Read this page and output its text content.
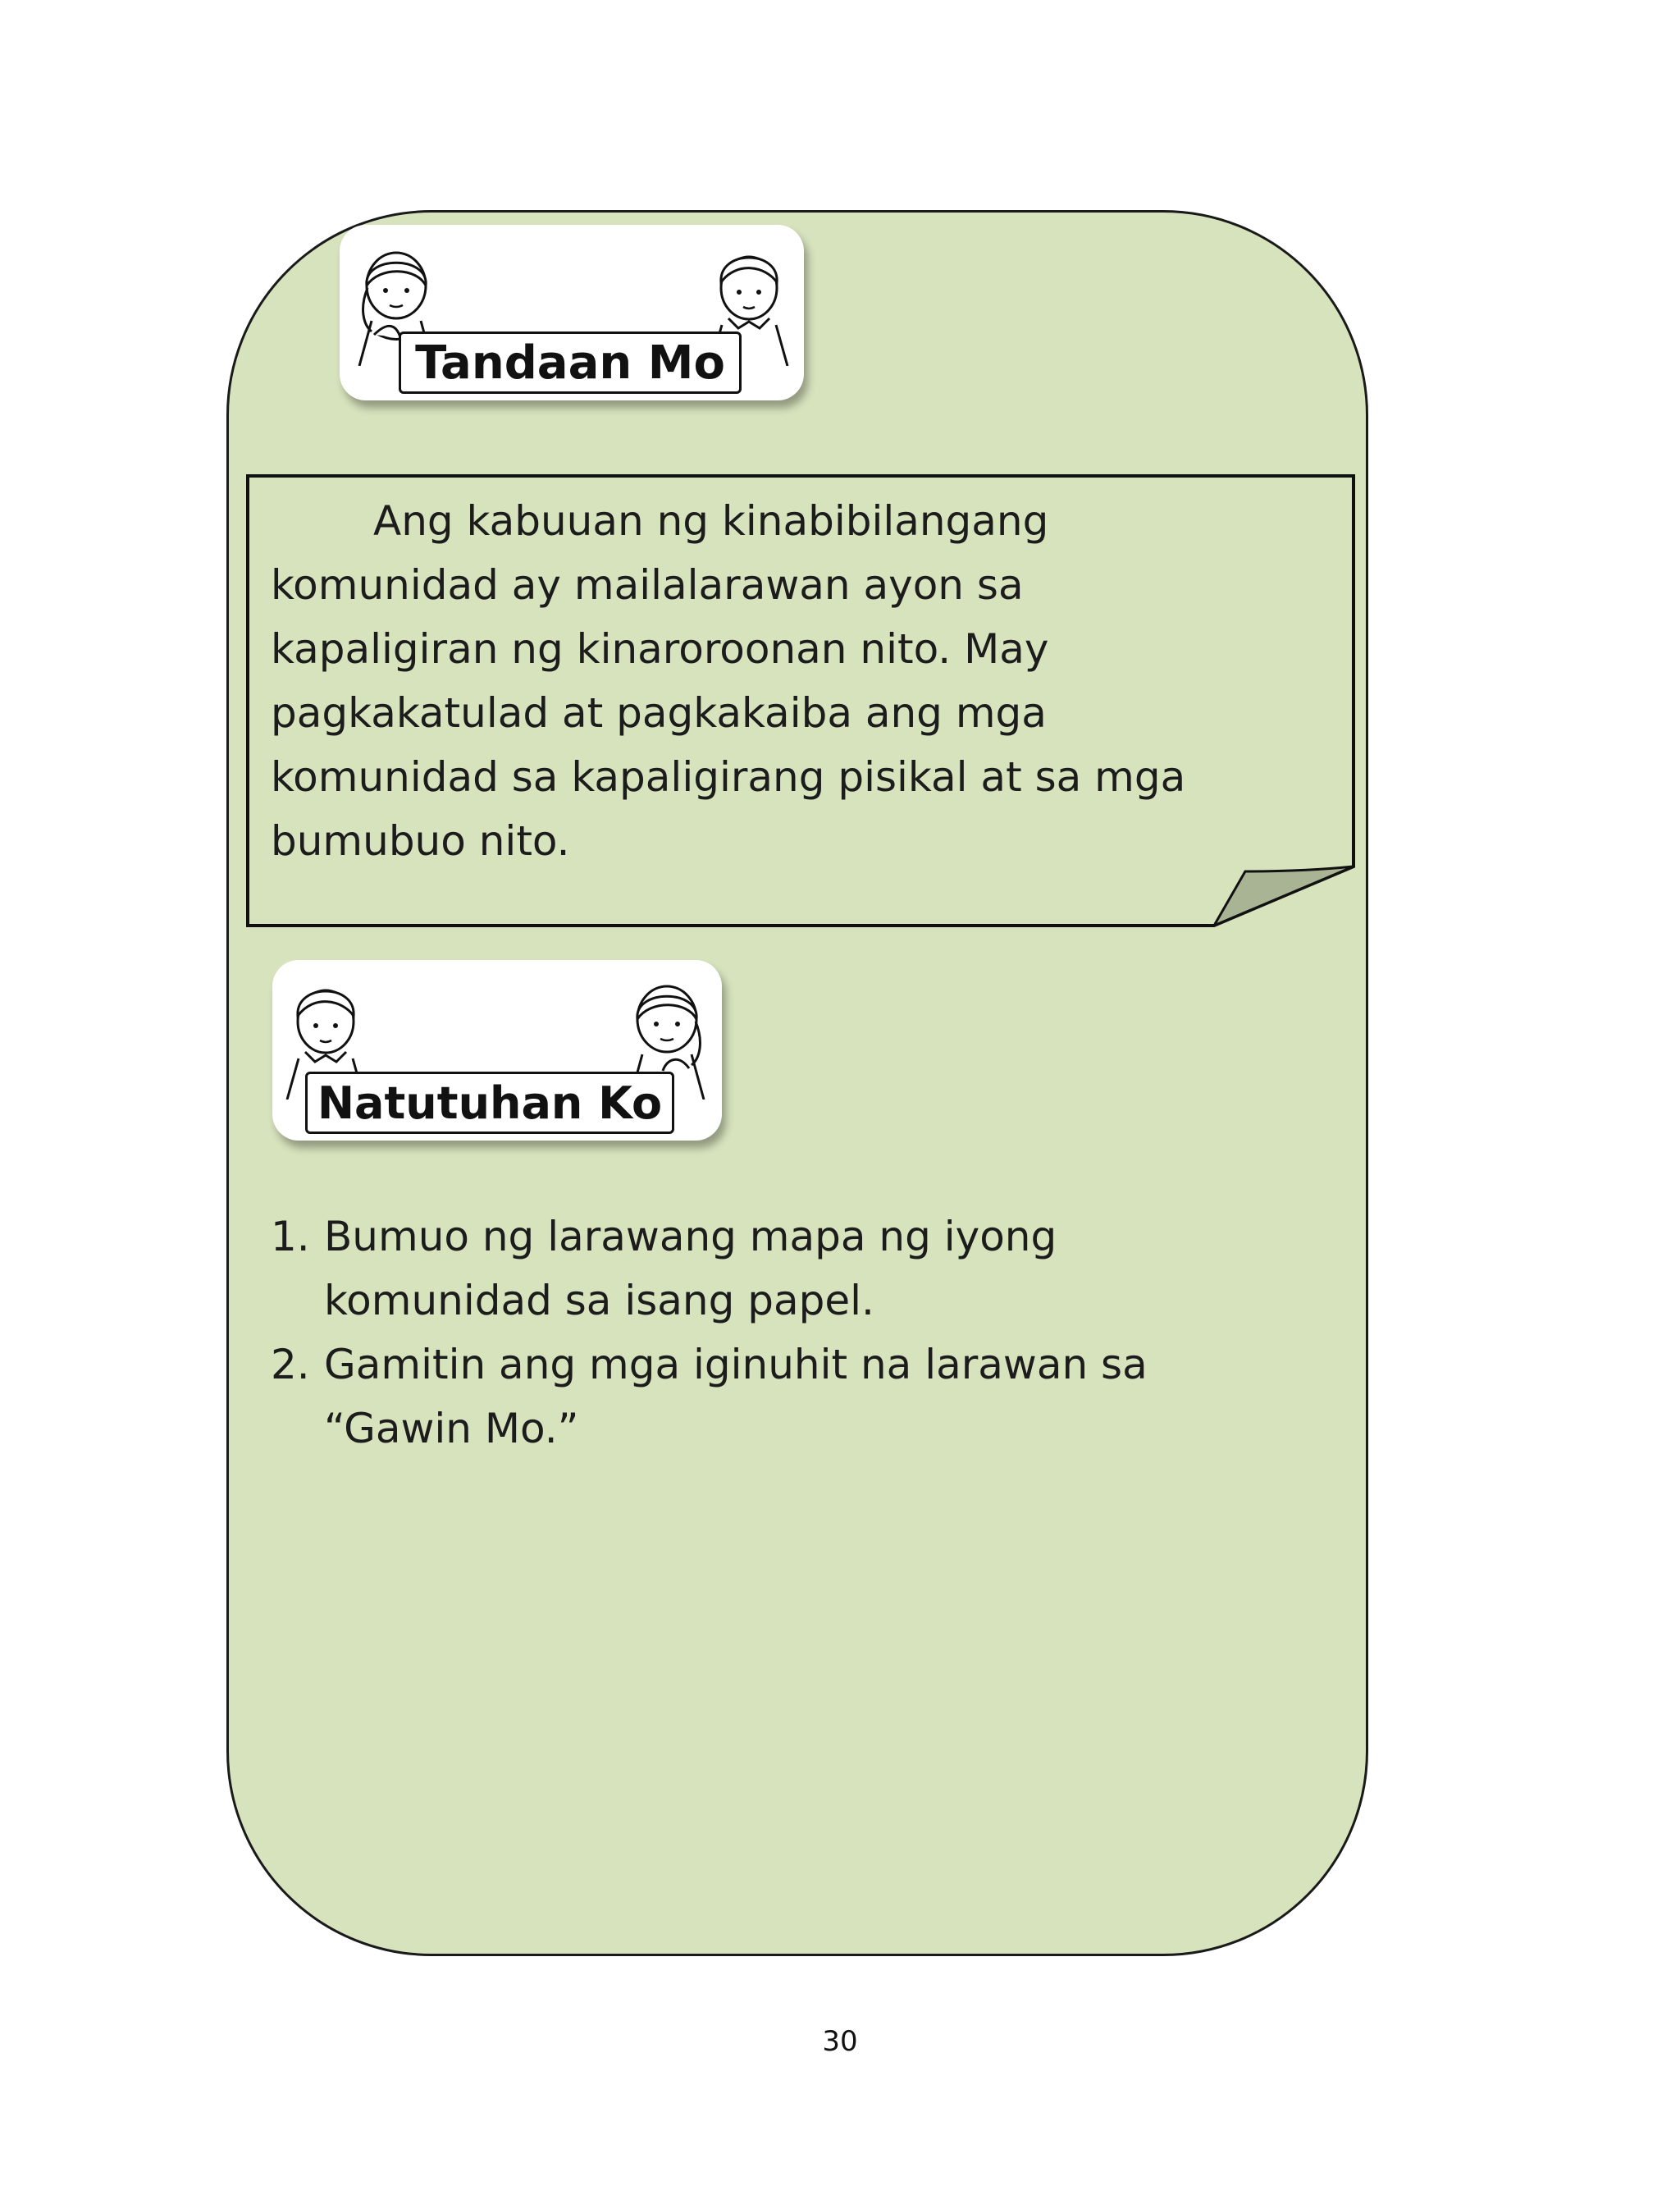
Tandaan Mo

Ang kabuuan ng kinabibilangang
komunidad ay mailalarawan ayon sa
kapaligiran ng kinaroroonan nito. May
pagkakatulad at pagkakaiba ang mga
komunidad sa kapaligirang pisikal at sa mga
bumubuo nito.

Natutuhan Ko
1. Bumuo ng larawang mapa ng iyong
komunidad sa isang papel.
2. Gamitin ang mga iginuhit na larawan sa
“Gawin Mo.”
30
